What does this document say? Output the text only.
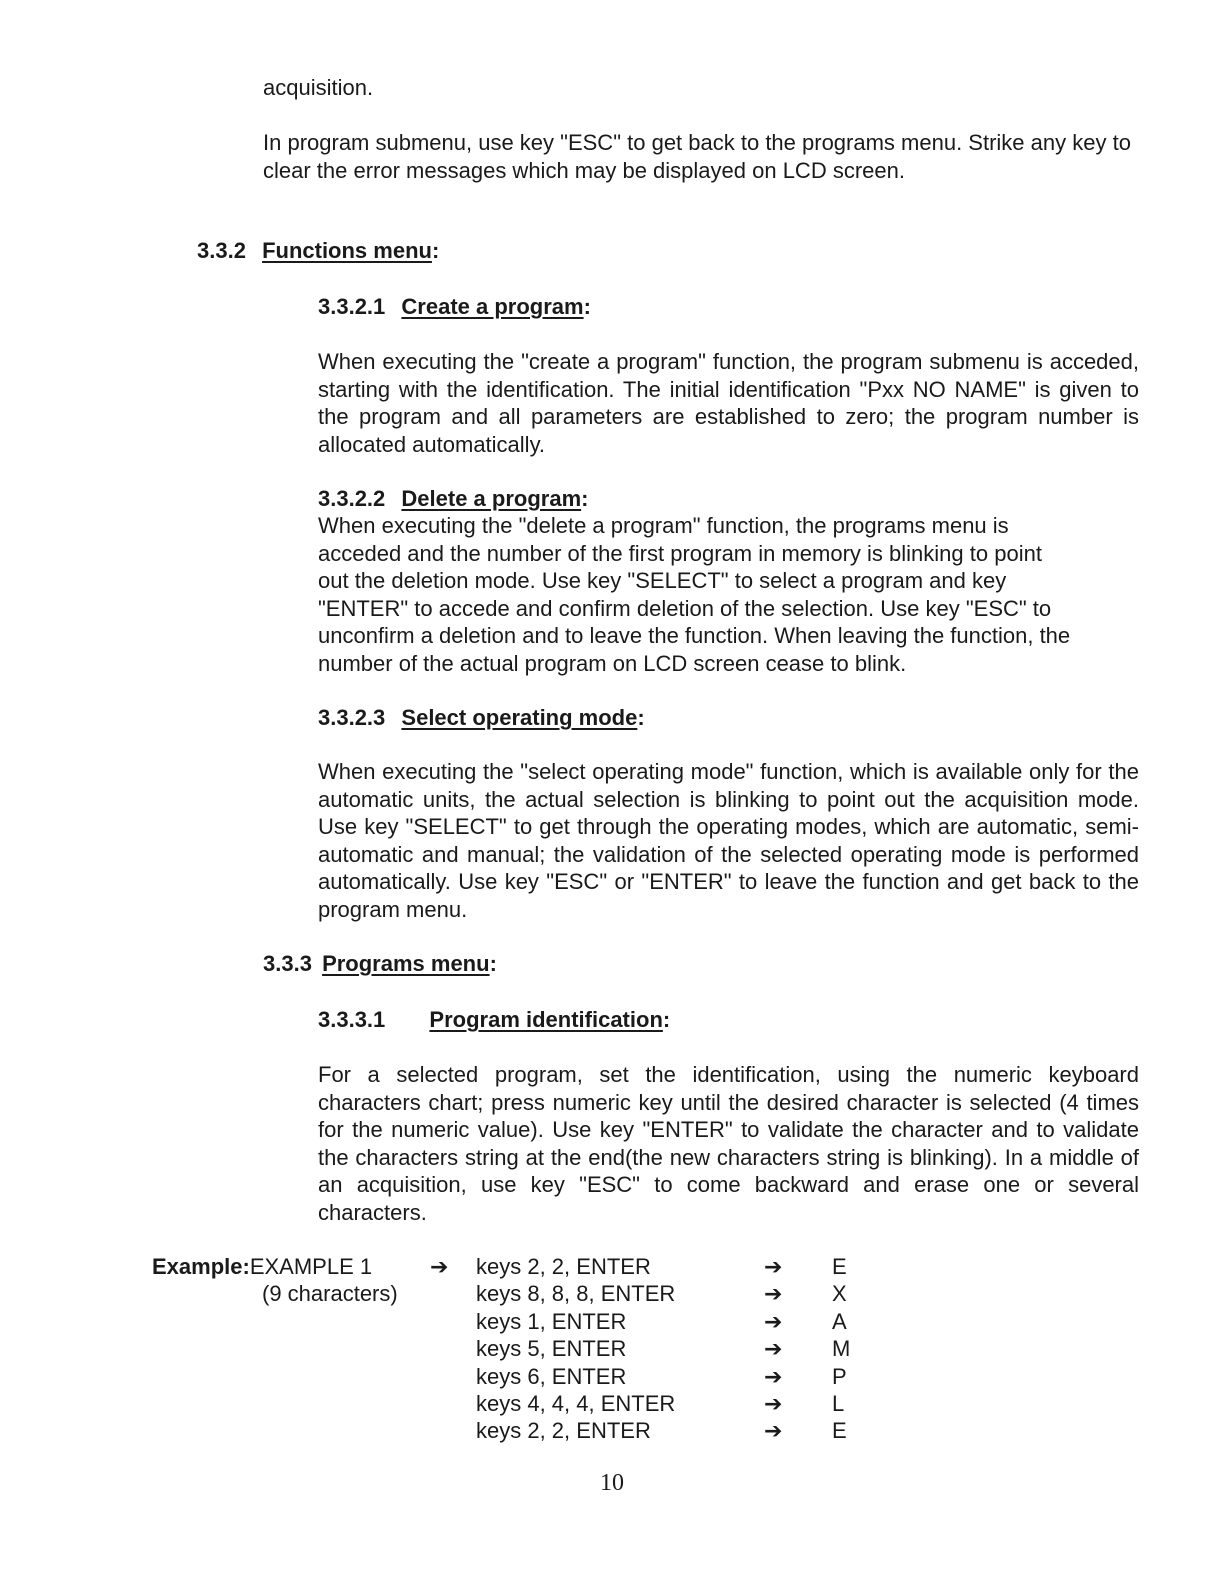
acquisition.

In program submenu, use key "ESC" to get back to the programs menu. Strike any key to clear the error messages which may be displayed on LCD screen.

3.3.2 Functions menu:
3.3.2.1 Create a program:

When executing the "create a program" function, the program submenu is acceded, starting with the identification. The initial identification "Pxx NO NAME" is given to the program and all parameters are established to zero; the program number is allocated automatically.

3.3.2.2 Delete a program:
When executing the "delete a program" function, the programs menu is
acceded and the number of the first program in memory is blinking to point
out the deletion mode. Use key "SELECT" to select a program and key
"ENTER" to accede and confirm deletion of the selection. Use key "ESC" to
unconfirm a deletion and to leave the function. When leaving the function, the
number of the actual program on LCD screen cease to blink.
3.3.2.3 Select operating mode:

When executing the "select operating mode" function, which is available only for the automatic units, the actual selection is blinking to point out the acquisition mode. Use key "SELECT" to get through the operating modes, which are automatic, semi-automatic and manual; the validation of the selected operating mode is performed automatically. Use key "ESC" or "ENTER" to leave the function and get back to the program menu.

3.3.3 Programs menu:
3.3.3.1 Program identification:

For a selected program, set the identification, using the numeric keyboard characters chart; press numeric key until the desired character is selected (4 times for the numeric value). Use key "ENTER" to validate the character and to validate the characters string at the end(the new characters string is blinking). In a middle of an acquisition, use key "ESC" to come backward and erase one or several characters.

Example:EXAMPLE 1
(9 characters)
➔ keys 2, 2, ENTER
keys 8, 8, 8, ENTER
keys 1, ENTER
keys 5, ENTER
keys 6, ENTER
keys 4, 4, 4, ENTER
keys 2, 2, ENTER
➔
➔
➔
➔
➔
➔
➔
E
X
A
M
P
L
E
10
